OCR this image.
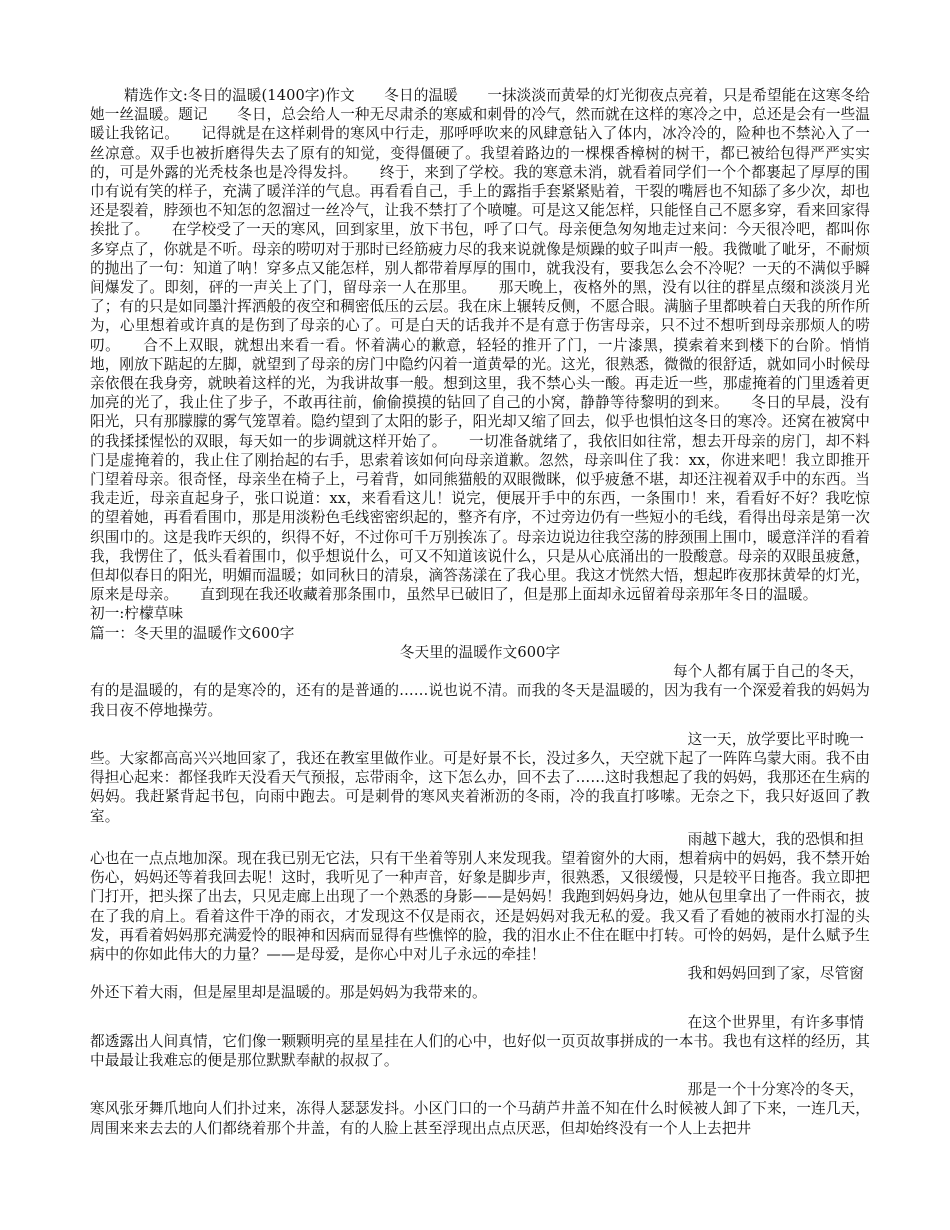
精选作文:冬日的温暖(1400字)作文　　冬日的温暖　　一抹淡淡而黄晕的灯光彻夜点亮着，只是希望能在这寒冬给她一丝温暖。题记　　冬日，总会给人一种无尽肃杀的寒威和刺骨的冷气，然而就在这样的寒冷之中，总还是会有一些温暖让我铭记。　　记得就是在这样刺骨的寒风中行走，那呼呼吹来的风肆意钻入了体内，冰冷冷的，险种也不禁沁入了一丝凉意。双手也被折磨得失去了原有的知觉，变得僵硬了。我望着路边的一棵棵香樟树的树干，都已被给包得严严实实的，可是外露的光秃枝条也是冷得发抖。　　终于，来到了学校。我的寒意未消，就看着同学们一个个都裹起了厚厚的围巾有说有笑的样子，充满了暖洋洋的气息。再看看自己，手上的露指手套紧紧贴着，干裂的嘴唇也不知舔了多少次，却也还是裂着，脖颈也不知怎的忽溜过一丝冷气，让我不禁打了个喷嚏。可是这又能怎样，只能怪自己不愿多穿，看来回家得挨批了。　　在学校受了一天的寒风，回到家里，放下书包，呼了口气。母亲便急匆匆地走过来问：今天很冷吧，都叫你多穿点了，你就是不听。母亲的唠叨对于那时已经筋疲力尽的我来说就像是烦躁的蚊子叫声一般。我微呲了呲牙，不耐烦的抛出了一句：知道了呐！穿多点又能怎样，别人都带着厚厚的围巾，就我没有，要我怎么会不冷呢？一天的不满似乎瞬间爆发了。即刻，砰的一声关上了门，留母亲一人在那里。　　那天晚上，夜格外的黑，没有以往的群星点缀和淡淡月光了；有的只是如同墨汁挥洒般的夜空和稠密低压的云层。我在床上辗转反侧，不愿合眼。满脑子里都映着白天我的所作所为，心里想着或许真的是伤到了母亲的心了。可是白天的话我并不是有意于伤害母亲，只不过不想听到母亲那烦人的唠叨。　　合不上双眼，就想出来看一看。怀着满心的歉意，轻轻的推开了门，一片漆黑，摸索着来到楼下的台阶。悄悄地，刚放下踮起的左脚，就望到了母亲的房门中隐约闪着一道黄晕的光。这光，很熟悉，微微的很舒适，就如同小时候母亲依偎在我身旁，就映着这样的光，为我讲故事一般。想到这里，我不禁心头一酸。再走近一些，那虚掩着的门里透着更加亮的光了，我止住了步子，不敢再往前，偷偷摸摸的钻回了自己的小窝，静静等待黎明的到来。　　冬日的早晨，没有阳光，只有那朦朦的雾气笼罩着。隐约望到了太阳的影子，阳光却又缩了回去，似乎也惧怕这冬日的寒冷。还窝在被窝中的我揉揉惺忪的双眼，每天如一的步调就这样开始了。　　一切准备就绪了，我依旧如往常，想去开母亲的房门，却不料门是虚掩着的，我止住了刚抬起的右手，思索着该如何向母亲道歉。忽然，母亲叫住了我：xx，你进来吧！我立即推开门望着母亲。很奇怪，母亲坐在椅子上，弓着背，如同熊猫般的双眼微眯，似乎疲惫不堪，却还注视着双手中的东西。当我走近，母亲直起身子，张口说道：xx，来看看这儿！说完，便展开手中的东西，一条围巾！来，看看好不好？我吃惊的望着她，再看看围巾，那是用淡粉色毛线密密织起的，整齐有序，不过旁边仍有一些短小的毛线，看得出母亲是第一次织围巾的。这是我昨天织的，织得不好，不过你可千万别挨冻了。母亲边说边往我空荡的脖颈围上围巾，暖意洋洋的看着我，我愣住了，低头看着围巾，似乎想说什么，可又不知道该说什么，只是从心底涌出的一股酸意。母亲的双眼虽疲惫，但却似春日的阳光，明媚而温暖；如同秋日的清泉，滴答荡漾在了我心里。我这才恍然大悟，想起昨夜那抹黄晕的灯光，原来是母亲。　　直到现在我还收藏着那条围巾，虽然早已破旧了，但是那上面却永远留着母亲那年冬日的温暖。

初一:柠檬草味

篇一：冬天里的温暖作文600字

冬天里的温暖作文600字

每个人都有属于自己的冬天，
有的是温暖的，有的是寒冷的，还有的是普通的……说也说不清。而我的冬天是温暖的，因为我有一个深爱着我的妈妈为我日夜不停地操劳。

这一天，放学要比平时晚一
些。大家都高高兴兴地回家了，我还在教室里做作业。可是好景不长，没过多久，天空就下起了一阵阵乌蒙大雨。我不由得担心起来：都怪我昨天没看天气预报，忘带雨伞，这下怎么办，回不去了……这时我想起了我的妈妈，我那还在生病的妈妈。我赶紧背起书包，向雨中跑去。可是刺骨的寒风夹着淅沥的冬雨，冷的我直打哆嗦。无奈之下，我只好返回了教室。

雨越下越大，我的恐惧和担
心也在一点点地加深。现在我已别无它法，只有干坐着等别人来发现我。望着窗外的大雨，想着病中的妈妈，我不禁开始伤心，妈妈还等着我回去呢！这时，我听见了一种声音，好象是脚步声，很熟悉，又很缓慢，只是较平日拖沓。我立即把门打开，把头探了出去，只见走廊上出现了一个熟悉的身影——是妈妈！我跑到妈妈身边，她从包里拿出了一件雨衣，披在了我的肩上。看着这件干净的雨衣，才发现这不仅是雨衣，还是妈妈对我无私的爱。我又看了看她的被雨水打湿的头发，再看着妈妈那充满爱怜的眼神和因病而显得有些憔悴的脸，我的泪水止不住在眶中打转。可怜的妈妈，是什么赋予生病中的你如此伟大的力量？——是母爱，是你心中对儿子永远的牵挂！

我和妈妈回到了家，尽管窗
外还下着大雨，但是屋里却是温暖的。那是妈妈为我带来的。

在这个世界里，有许多事情
都透露出人间真情，它们像一颗颗明亮的星星挂在人们的心中，也好似一页页故事拼成的一本书。我也有这样的经历，其中最最让我难忘的便是那位默默奉献的叔叔了。

那是一个十分寒冷的冬天，
寒风张牙舞爪地向人们扑过来，冻得人瑟瑟发抖。小区门口的一个马葫芦井盖不知在什么时候被人卸了下来，一连几天，周围来来去去的人们都绕着那个井盖，有的人脸上甚至浮现出点点厌恶，但却始终没有一个人上去把井
